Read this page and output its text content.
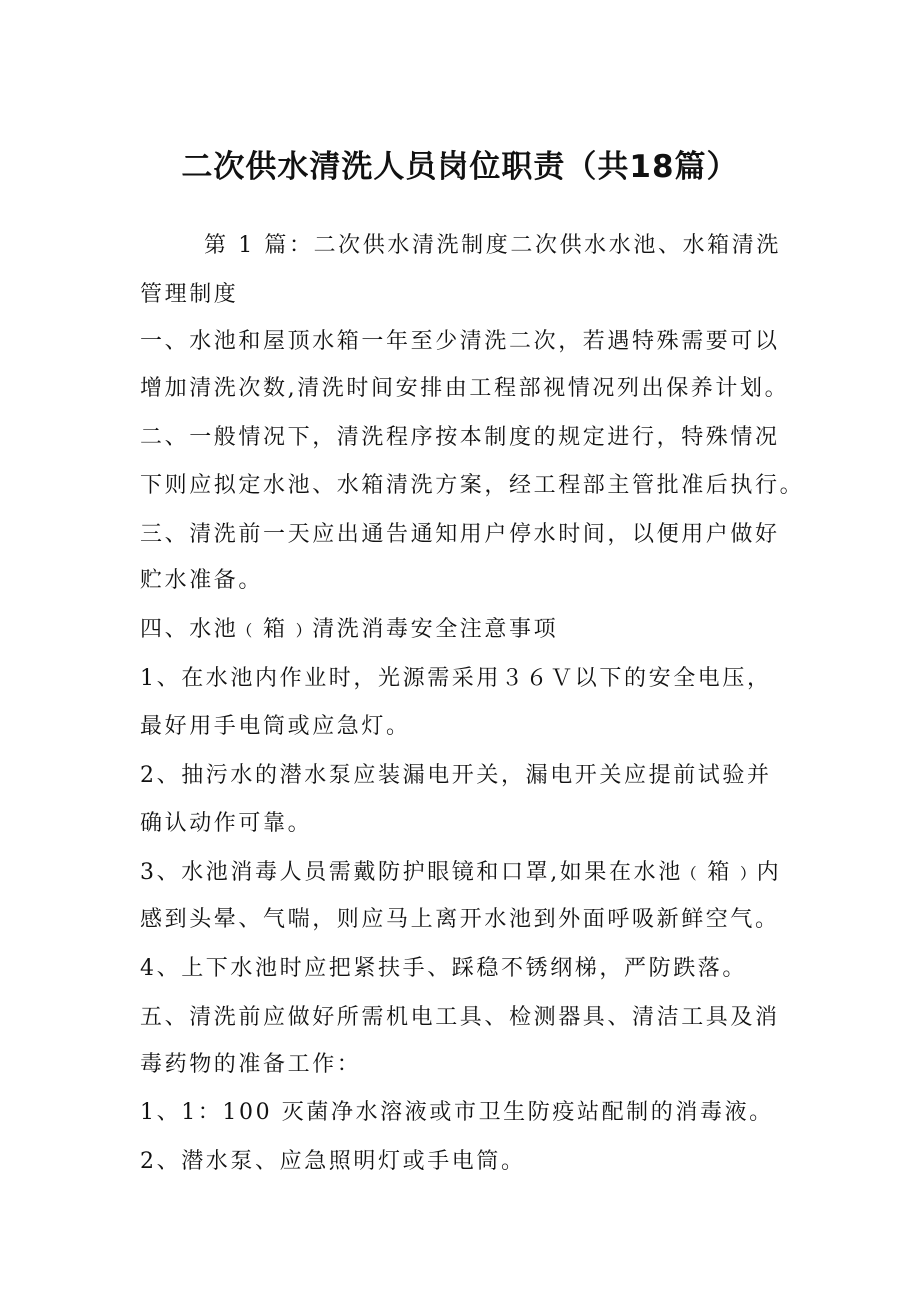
二次供水清洗人员岗位职责（共18篇）

第 1 篇：二次供水清洗制度二次供水水池、水箱清洗

管理制度

一、水池和屋顶水箱一年至少清洗二次，若遇特殊需要可以

增加清洗次数,清洗时间安排由工程部视情况列出保养计划。

二、一般情况下，清洗程序按本制度的规定进行，特殊情况

下则应拟定水池、水箱清洗方案，经工程部主管批准后执行。

三、清洗前一天应出通告通知用户停水时间，以便用户做好

贮水准备。

四、水池﹙箱﹚清洗消毒安全注意事项

1、在水池内作业时，光源需采用３６Ｖ以下的安全电压，

最好用手电筒或应急灯。

2、抽污水的潜水泵应装漏电开关，漏电开关应提前试验并

确认动作可靠。

3、水池消毒人员需戴防护眼镜和口罩,如果在水池﹙箱﹚内

感到头晕、气喘，则应马上离开水池到外面呼吸新鲜空气。

4、上下水池时应把紧扶手、踩稳不锈纲梯，严防跌落。

五、清洗前应做好所需机电工具、检测器具、清洁工具及消

毒药物的准备工作：

1、1：100 灭菌净水溶液或市卫生防疫站配制的消毒液。

2、潜水泵、应急照明灯或手电筒。
